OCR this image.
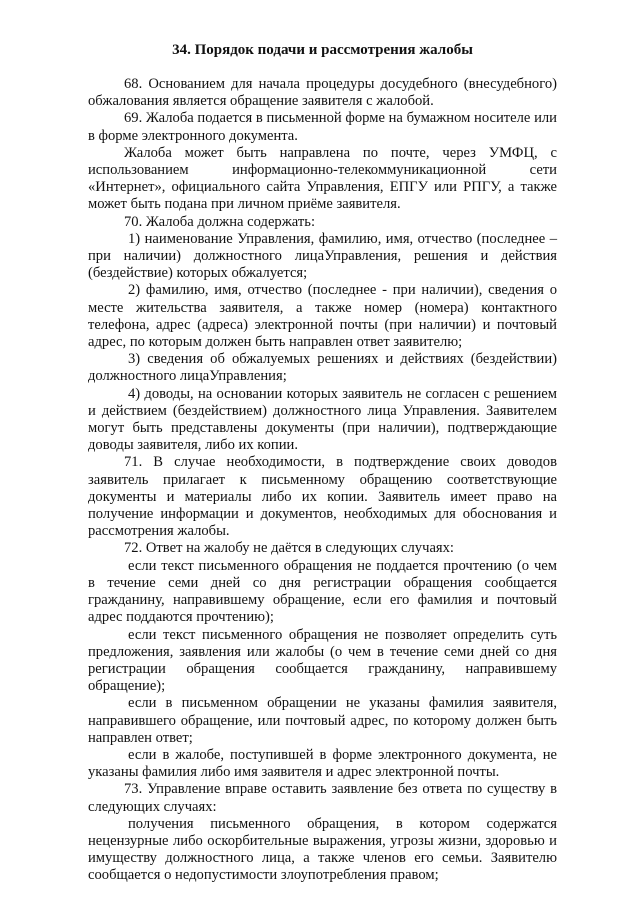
34. Порядок подачи и рассмотрения жалобы

68. Основанием для начала процедуры досудебного (внесудебного) обжалования является обращение заявителя с жалобой.

69. Жалоба подается в письменной форме на бумажном носителе или в форме электронного документа.

Жалоба может быть направлена по почте, через УМФЦ, с использованием информационно-телекоммуникационной сети «Интернет», официального сайта Управления, ЕПГУ или РПГУ, а также может быть подана при личном приёме заявителя.

70. Жалоба должна содержать:

1) наименование Управления, фамилию, имя, отчество (последнее – при наличии) должностного лицаУправления, решения и действия (бездействие) которых обжалуется;

2) фамилию, имя, отчество (последнее - при наличии), сведения о месте жительства заявителя, а также номер (номера) контактного телефона, адрес (адреса) электронной почты (при наличии) и почтовый адрес, по которым должен быть направлен ответ заявителю;

3) сведения об обжалуемых решениях и действиях (бездействии) должностного лицаУправления;

4) доводы, на основании которых заявитель не согласен с решением и действием (бездействием) должностного лица Управления. Заявителем могут быть представлены документы (при наличии), подтверждающие доводы заявителя, либо их копии.

71. В случае необходимости, в подтверждение своих доводов заявитель прилагает к письменному обращению соответствующие документы и материалы либо их копии. Заявитель имеет право на получение информации и документов, необходимых для обоснования и рассмотрения жалобы.

72. Ответ на жалобу не даётся в следующих случаях:

если текст письменного обращения не поддается прочтению (о чем в течение семи дней со дня регистрации обращения сообщается гражданину, направившему обращение, если его фамилия и почтовый адрес поддаются прочтению);

если текст письменного обращения не позволяет определить суть предложения, заявления или жалобы (о чем в течение семи дней со дня регистрации обращения сообщается гражданину, направившему обращение);

если в письменном обращении не указаны фамилия заявителя, направившего обращение, или почтовый адрес, по которому должен быть направлен ответ;

если в жалобе, поступившей в форме электронного документа, не указаны фамилия либо имя заявителя и адрес электронной почты.

73. Управление вправе оставить заявление без ответа по существу в следующих случаях:

получения письменного обращения, в котором содержатся нецензурные либо оскорбительные выражения, угрозы жизни, здоровью и имуществу должностного лица, а также членов его семьи. Заявителю сообщается о недопустимости злоупотребления правом;
